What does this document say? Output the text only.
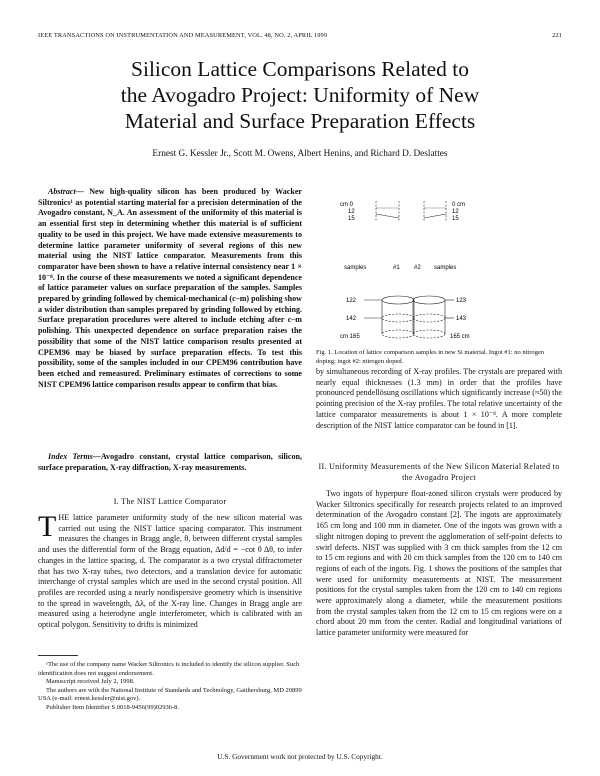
IEEE TRANSACTIONS ON INSTRUMENTATION AND MEASUREMENT, VOL. 48, NO. 2, APRIL 1999	221
Silicon Lattice Comparisons Related to
the Avogadro Project: Uniformity of New
Material and Surface Preparation Effects
Ernest G. Kessler Jr., Scott M. Owens, Albert Henins, and Richard D. Deslattes

Abstract— New high-quality silicon has been produced by Wacker Siltronics¹ as potential starting material for a precision determination of the Avogadro constant, N_A. An assessment of the uniformity of this material is an essential first step in determining whether this material is of sufficient quality to be used in this project. We have made extensive measurements to determine lattice parameter uniformity of several regions of this new material using the NIST lattice comparator. Measurements from this comparator have been shown to have a relative internal consistency near 1 × 10⁻⁸. In the course of these measurements we noted a significant dependence of lattice parameter values on surface preparation of the samples. Samples prepared by grinding followed by chemical-mechanical (c–m) polishing show a wider distribution than samples prepared by grinding followed by etching. Surface preparation procedures were altered to include etching after c–m polishing. This unexpected dependence on surface preparation raises the possibility that some of the NIST lattice comparison results presented at CPEM96 may be biased by surface preparation effects. To test this possibility, some of the samples included in our CPEM96 contribution have been etched and remeasured. Preliminary estimates of corrections to some NIST CPEM96 lattice comparison results appear to confirm that bias.

Index Terms—Avogadro constant, crystal lattice comparison, silicon, surface preparation, X-ray diffraction, X-ray measurements.

I. The NIST Lattice Comparator

THE lattice parameter uniformity study of the new silicon material was carried out using the NIST lattice spacing comparator. This instrument measures the changes in Bragg angle, θ, between different crystal samples and uses the differential form of the Bragg equation, Δd/d = −cot θ Δθ, to infer changes in the lattice spacing, d. The comparator is a two crystal diffractometer that has two X-ray tubes, two detectors, and a translation device for automatic interchange of crystal samples which are used in the second crystal position. All profiles are recorded using a nearly nondispersive geometry which is insensitive to the spread in wavelength, Δλ, of the X-ray line. Changes in Bragg angle are measured using a heterodyne angle interferometer, which is calibrated with an optical polygon. Sensitivity to drifts is minimized

¹The use of the company name Wacker Siltronics is included to identify the silicon supplier. Such identification does not suggest endorsement.

Manuscript received July 2, 1998.

The authors are with the National Institute of Standards and Technology, Gaithersburg, MD 20899 USA (e-mail: ernest.kessler@nist.gov).

Publisher Item Identifier S 0018-9456(99)02936-8.

cm 0
12
15
0 cm
12
15
samples	#1 #2 samples
122
142
cm 165
123
143
165 cm
Fig. 1. Location of lattice comparison samples in new Si material. Ingot #1: no nitrogen doping; ingot #2: nitrogen doped.

by simultaneous recording of X-ray profiles. The crystals are prepared with nearly equal thicknesses (1.3 mm) in order that the profiles have pronounced pendellösung oscillations which significantly increase (≈50) the pointing precision of the X-ray profiles. The total relative uncertainty of the lattice comparator measurements is about 1 × 10⁻⁸. A more complete description of the NIST lattice comparator can be found in [1].

II. Uniformity Measurements of the New Silicon Material Related to the Avogadro Project

Two ingots of hyperpure float-zoned silicon crystals were produced by Wacker Siltronics specifically for research projects related to an improved determination of the Avogadro constant [2]. The ingots are approximately 165 cm long and 100 mm in diameter. One of the ingots was grown with a slight nitrogen doping to prevent the agglomeration of self-point defects to swirl defects. NIST was supplied with 3 cm thick samples from the 12 cm to 15 cm regions and with 20 cm thick samples from the 120 cm to 140 cm regions of each of the ingots. Fig. 1 shows the positions of the samples that were used for uniformity measurements at NIST. The measurement positions for the crystal samples taken from the 120 cm to 140 cm regions were approximately along a diameter, while the measurement positions from the crystal samples taken from the 12 cm to 15 cm regions were on a chord about 20 mm from the center. Radial and longitudinal variations of lattice parameter uniformity were measured for

U.S. Government work not protected by U.S. Copyright.
